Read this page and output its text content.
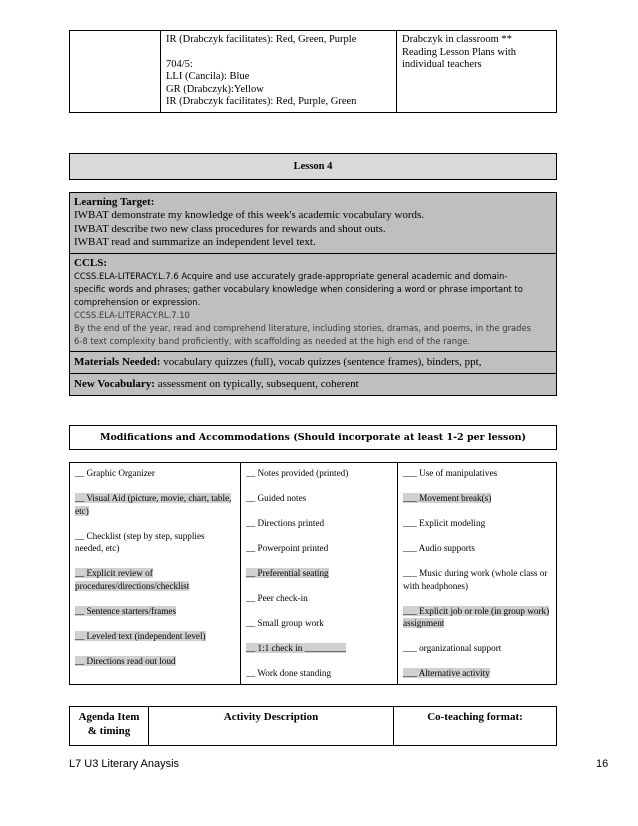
IR (Drabczyk facilitates): Red, Green, Purple
704/5:
LLI (Cancila): Blue
GR (Drabczyk):Yellow
IR (Drabczyk facilitates): Red, Purple, Green

Drabczyk in classroom **
Reading Lesson Plans with
individual teachers
Lesson 4
Learning Target:
IWBAT demonstrate my knowledge of this week's academic vocabulary words.
IWBAT describe two new class procedures for rewards and shout outs.
IWBAT read and summarize an independent level text.
CCLS:
CCSS.ELA-LITERACY.L.7.6 Acquire and use accurately grade-appropriate general academic and domain-
specific words and phrases; gather vocabulary knowledge when considering a word or phrase important to
comprehension or expression.
CCSS.ELA-LITERACY.RL.7.10
By the end of the year, read and comprehend literature, including stories, dramas, and poems, in the grades
6-8 text complexity band proficiently, with scaffolding as needed at the high end of the range.
Materials Needed: vocabulary quizzes (full), vocab quizzes (sentence frames), binders, ppt,
New Vocabulary: assessment on typically, subsequent, coherent
Modifications and Accommodations (Should incorporate at least 1-2 per lesson)
__ Graphic Organizer
__ Visual Aid (picture, movie, chart, table, etc)
__ Checklist (step by step, supplies needed, etc)
__ Explicit review of procedures/directions/checklist
__ Sentence starters/frames
__ Leveled text (independent level)
__ Directions read out loud

__ Notes provided (printed)
__ Guided notes
__ Directions printed
__ Powerpoint printed
__ Preferential seating
__ Peer check-in
__ Small group work
__ 1:1 check in _________
__ Work done standing

___ Use of manipulatives
___ Movement break(s)
___ Explicit modeling
___ Audio supports
___ Music during work (whole class or with headphones)
___ Explicit job or role (in group work) assignment
___ organizational support
___ Alternative activity
Agenda Item & timing	Activity Description	Co-teaching format:
L7 U3 Literary Anaysis	16
